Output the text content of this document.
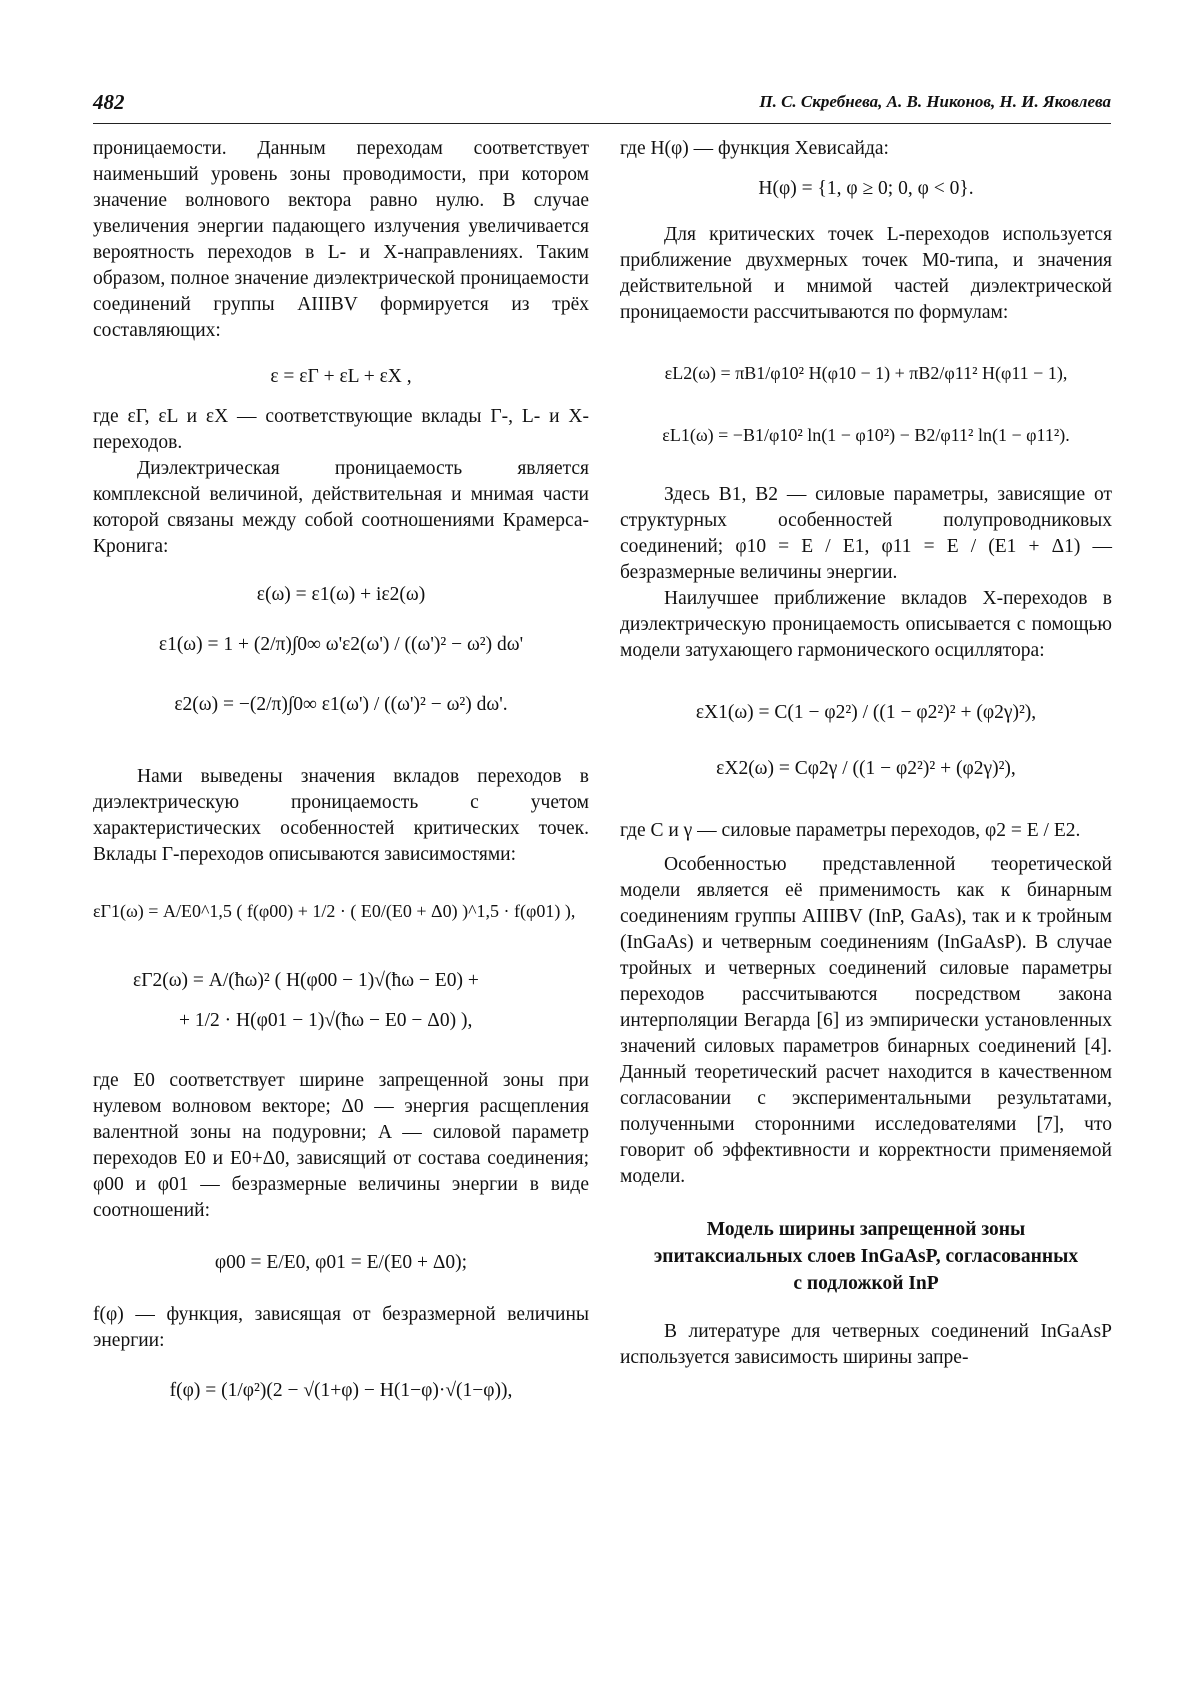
482	П. С. Скребнева, А. В. Никонов, Н. И. Яковлева

проницаемости. Данным переходам соответствует наименьший уровень зоны проводимости, при котором значение волнового вектора равно нулю. В случае увеличения энергии падающего излучения увеличивается вероятность переходов в L- и X-направлениях. Таким образом, полное значение диэлектрической проницаемости соединений группы AIIIBV формируется из трёх составляющих:

ε = εΓ + εL + εX ,

где εΓ, εL и εX — соответствующие вклады Γ-, L- и X-переходов.

Диэлектрическая проницаемость является комплексной величиной, действительная и мнимая части которой связаны между собой соотношениями Крамерса-Кронига:

ε(ω) = ε1(ω) + iε2(ω)
ε1(ω) = 1 + (2/π)∫0∞ ω'ε2(ω') / ((ω')² − ω²) dω'
ε2(ω) = −(2/π)∫0∞ ε1(ω') / ((ω')² − ω²) dω'.

Нами выведены значения вкладов переходов в диэлектрическую проницаемость с учетом характеристических особенностей критических точек. Вклады Γ-переходов описываются зависимостями:

εΓ1(ω) = A/E0^1,5 ( f(φ00) + 1/2 · ( E0/(E0 + Δ0) )^1,5 · f(φ01) ),
εΓ2(ω) = A/(ħω)² ( H(φ00 − 1)√(ħω − E0) +
+ 1/2 · H(φ01 − 1)√(ħω − E0 − Δ0) ),

где E0 соответствует ширине запрещенной зоны при нулевом волновом векторе; Δ0 — энергия расщепления валентной зоны на подуровни; A — силовой параметр переходов E0 и E0+Δ0, зависящий от состава соединения; φ00 и φ01 — безразмерные величины энергии в виде соотношений:

φ00 = E/E0, φ01 = E/(E0 + Δ0);

f(φ) — функция, зависящая от безразмерной величины энергии:

f(φ) = (1/φ²)(2 − √(1+φ) − H(1−φ)·√(1−φ)),

где H(φ) — функция Хевисайда:

H(φ) = {1, φ ≥ 0; 0, φ < 0}.

Для критических точек L-переходов используется приближение двухмерных точек M0-типа, и значения действительной и мнимой частей диэлектрической проницаемости рассчитываются по формулам:

εL2(ω) = πB1/φ10² H(φ10 − 1) + πB2/φ11² H(φ11 − 1),
εL1(ω) = −B1/φ10² ln(1 − φ10²) − B2/φ11² ln(1 − φ11²).

Здесь B1, B2 — силовые параметры, зависящие от структурных особенностей полупроводниковых соединений; φ10 = E / E1, φ11 = E / (E1 + Δ1) — безразмерные величины энергии.

Наилучшее приближение вкладов X-переходов в диэлектрическую проницаемость описывается с помощью модели затухающего гармонического осциллятора:

εX1(ω) = C(1 − φ2²) / ((1 − φ2²)² + (φ2γ)²),
εX2(ω) = Cφ2γ / ((1 − φ2²)² + (φ2γ)²),

где C и γ — силовые параметры переходов, φ2 = E / E2.

Особенностью представленной теоретической модели является её применимость как к бинарным соединениям группы AIIIBV (InP, GaAs), так и к тройным (InGaAs) и четверным соединениям (InGaAsP). В случае тройных и четверных соединений силовые параметры переходов рассчитываются посредством закона интерполяции Вегарда [6] из эмпирически установленных значений силовых параметров бинарных соединений [4]. Данный теоретический расчет находится в качественном согласовании с экспериментальными результатами, полученными сторонними исследователями [7], что говорит об эффективности и корректности применяемой модели.

Модель ширины запрещенной зоны эпитаксиальных слоев InGaAsP, согласованных с подложкой InP

В литературе для четверных соединений InGaAsP используется зависимость ширины запре-
